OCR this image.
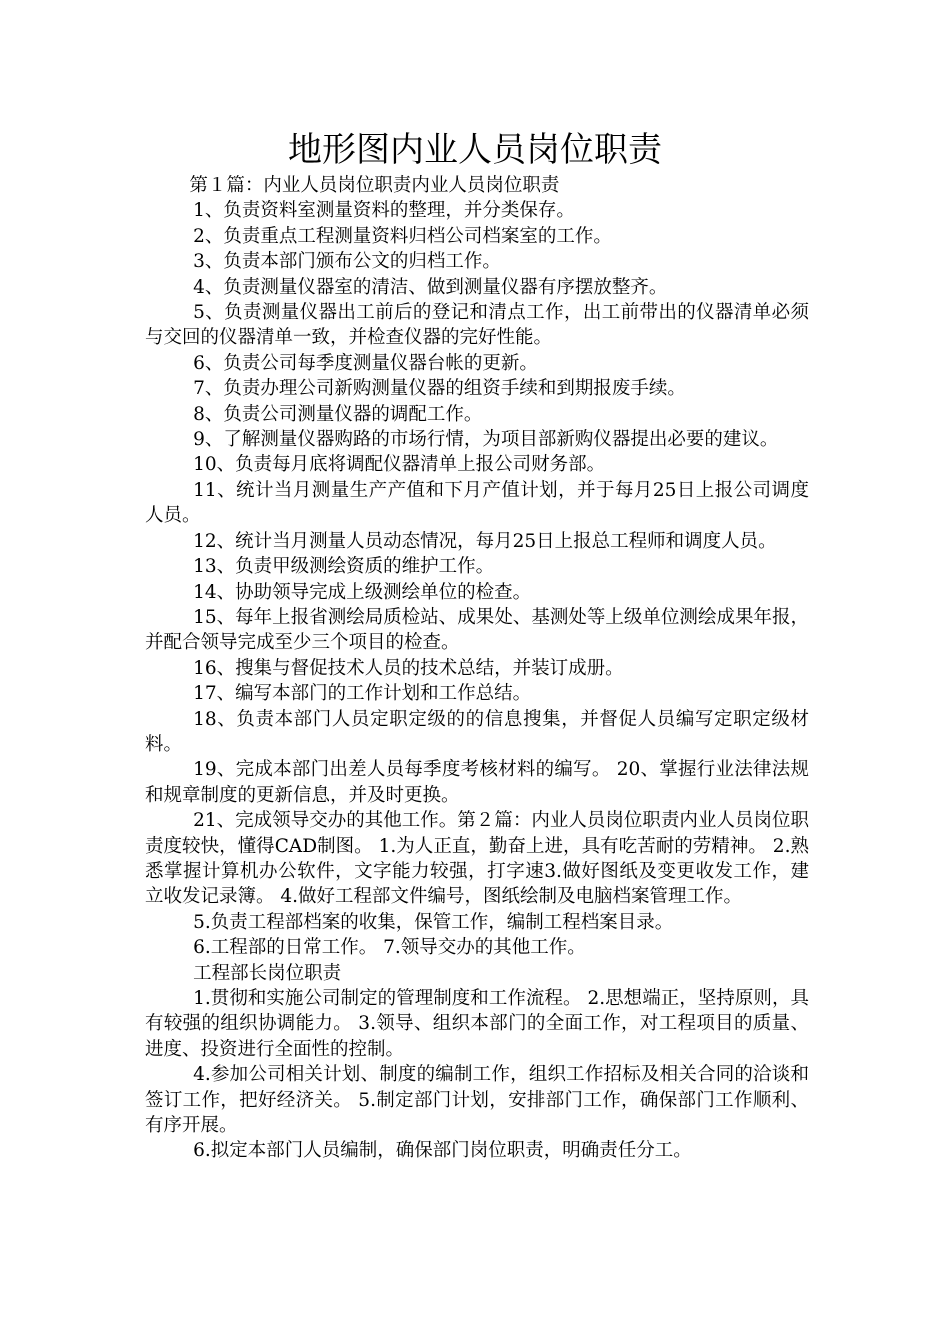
地形图内业人员岗位职责

第１篇：内业人员岗位职责内业人员岗位职责

1、负责资料室测量资料的整理，并分类保存。

2、负责重点工程测量资料归档公司档案室的工作。

3、负责本部门颁布公文的归档工作。

4、负责测量仪器室的清洁、做到测量仪器有序摆放整齐。

5、负责测量仪器出工前后的登记和清点工作，出工前带出的仪器清单必须与交回的仪器清单一致，并检查仪器的完好性能。

6、负责公司每季度测量仪器台帐的更新。

7、负责办理公司新购测量仪器的组资手续和到期报废手续。

8、负责公司测量仪器的调配工作。

9、了解测量仪器购路的市场行情，为项目部新购仪器提出必要的建议。

10、负责每月底将调配仪器清单上报公司财务部。

11、统计当月测量生产产值和下月产值计划，并于每月25日上报公司调度人员。

12、统计当月测量人员动态情况，每月25日上报总工程师和调度人员。

13、负责甲级测绘资质的维护工作。

14、协助领导完成上级测绘单位的检查。

15、每年上报省测绘局质检站、成果处、基测处等上级单位测绘成果年报，并配合领导完成至少三个项目的检查。

16、搜集与督促技术人员的技术总结，并装订成册。

17、编写本部门的工作计划和工作总结。

18、负责本部门人员定职定级的的信息搜集，并督促人员编写定职定级材料。

19、完成本部门出差人员每季度考核材料的编写。 20、掌握行业法律法规和规章制度的更新信息，并及时更换。

21、完成领导交办的其他工作。第２篇：内业人员岗位职责内业人员岗位职责度较快，懂得CAD制图。 1.为人正直，勤奋上进，具有吃苦耐的劳精神。 2.熟悉掌握计算机办公软件，文字能力较强，打字速3.做好图纸及变更收发工作，建立收发记录簿。 4.做好工程部文件编号，图纸绘制及电脑档案管理工作。

5.负责工程部档案的收集，保管工作，编制工程档案目录。

6.工程部的日常工作。 7.领导交办的其他工作。

工程部长岗位职责

1.贯彻和实施公司制定的管理制度和工作流程。 2.思想端正，坚持原则，具有较强的组织协调能力。 3.领导、组织本部门的全面工作，对工程项目的质量、进度、投资进行全面性的控制。

4.参加公司相关计划、制度的编制工作，组织工作招标及相关合同的洽谈和签订工作，把好经济关。 5.制定部门计划，安排部门工作，确保部门工作顺利、有序开展。

6.拟定本部门人员编制，确保部门岗位职责，明确责任分工。
